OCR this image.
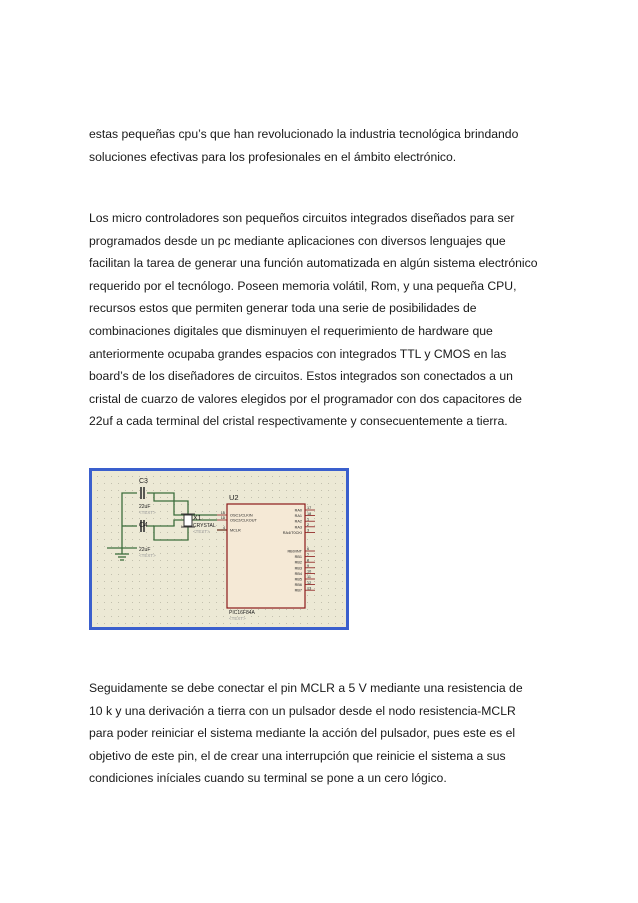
estas pequeñas cpu’s que han revolucionado la industria tecnológica brindando
soluciones efectivas para los profesionales en el ámbito electrónico.
Los micro controladores son pequeños circuitos integrados diseñados para ser
programados desde un pc mediante aplicaciones con diversos lenguajes que
facilitan la tarea de generar una función automatizada en algún sistema electrónico
requerido por el tecnólogo. Poseen memoria volátil, Rom, y una pequeña CPU,
recursos estos que permiten generar toda una serie de posibilidades de
combinaciones digitales que disminuyen el requerimiento de hardware que
anteriormente ocupaba grandes espacios con integrados TTL y CMOS en las
board’s de los diseñadores de circuitos. Estos integrados son conectados a un
cristal de cuarzo de valores elegidos por el programador con dos capacitores de
22uf a cada terminal del cristal respectivamente y consecuentemente a tierra.
C3
22uF
<TEXT>
C4
22uF
<TEXT>
X1
CRYSTAL
<TEXT>
U2
PIC16F84A
<TEXT>
16
OSC1/CLKIN
15
OSC2/CLKOUT
4
MCLR
17
RA0
18
RA1
1
RA2
2
RA3
3
RA4/T0CKI
6
RB0/INT
7
RB1
8
RB2
9
RB3
10
RB4
11
RB5
12
RB6
13
RB7
Seguidamente se debe conectar el pin MCLR a 5 V mediante una resistencia de
10 k y una derivación a tierra con un pulsador desde el nodo resistencia-MCLR
para poder reiniciar el sistema mediante la acción del pulsador, pues este es el
objetivo de este pin, el de crear una interrupción que reinicie el sistema a sus
condiciones iníciales cuando su terminal se pone a un cero lógico.
